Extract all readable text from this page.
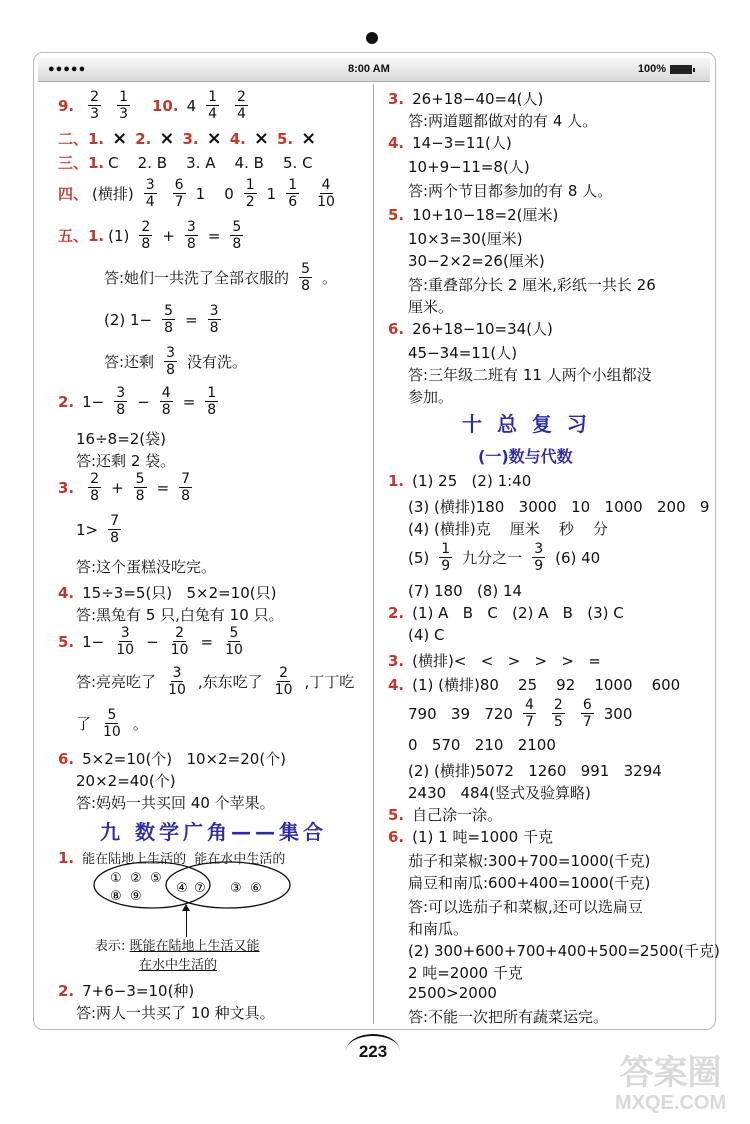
●●●●●	8:00 AM	100%
9. $\frac{2}{3} \frac{1}{3} 10$. $4 \frac{1}{4} \frac{2}{4}$
二、1. × 2. × 3. × 4. × 5. ×
三、1. C    2. B    3. A    4. B    5. C
四、 (横排) $\frac{3}{4} \frac{6}{7} 1$    $0 \frac{1}{2} 1 \frac{1}{6} \frac{4}{10}$
五、1. $(1) \frac{2}{8} + \frac{3}{8} = \frac{5}{8}$
答:她们一共洗了全部衣服的 $\frac{5}{8}$ 。
(2) $1- \frac{5}{8} = \frac{3}{8}$
答:还剩 $\frac{3}{8}$ 没有洗。
2. $1- \frac{3}{8} - \frac{4}{8} = \frac{1}{8}$
16÷8=2(袋)
答:还剩 2 袋。
3. $\frac{2}{8} + \frac{5}{8} = \frac{7}{8}$
$1> \frac{7}{8}$
答:这个蛋糕没吃完。
4. 15÷3=5(只)   5×2=10(只)
答:黑兔有 5 只,白兔有 10 只。
5. $1- \frac{3}{10} - \frac{2}{10} = \frac{5}{10}$
答:亮亮吃了 $\frac{3}{10}$ ,东东吃了 $\frac{2}{10}$ ,丁丁吃
了 $\frac{5}{10}$ 。
6. 5×2=10(个)   10×2=20(个)
20×2=40(个)
答:妈妈一共买回 40 个苹果。
九 数学广角——集合
1. 能在陆地上生活的  能在水中生活的
① ② ⑤
⑧ ⑨
④ ⑦ ③ ⑥
表示: 既能在陆地上生活又能
在水中生活的
2. 7+6−3=10(种)
答:两人一共买了 10 种文具。
3. 26+18−40=4(人)
答:两道题都做对的有 4 人。
4. 14−3=11(人)
10+9−11=8(人)
答:两个节目都参加的有 8 人。
5. 10+10−18=2(厘米)
10×3=30(厘米)
30−2×2=26(厘米)
答:重叠部分长 2 厘米,彩纸一共长 26
厘米。
6. 26+18−10=34(人)
45−34=11(人)
答:三年级二班有 11 人两个小组都没
参加。
十 总 复 习
(一)数与代数
1. (1) 25   (2) 1:40
(3) (横排)180   3000   10   1000   200   9
(4) (横排)克    厘米    秒    分
$(5) \frac{1}{9}$ 九分之一 $\frac{3}{9} (6)$ 40
(7) 180   (8) 14
2. (1) A   B   C   (2) A   B   (3) C
(4) C
3. (横排)<   <   >   >   >   =
4. (1) (横排)80    25    92    1000    600
790   39   $720 \frac{4}{7} \frac{2}{5} \frac{6}{7} 300$
0   570   210   2100
(2) (横排)5072   1260   991   3294
2430   484(竖式及验算略)
5. 自己涂一涂。
6. (1) 1 吨=1000 千克
茄子和菜椒:300+700=1000(千克)
扁豆和南瓜:600+400=1000(千克)
答:可以选茄子和菜椒,还可以选扁豆
和南瓜。
(2) 300+600+700+400+500=2500(千克)
2 吨=2000 千克
2500>2000
答:不能一次把所有蔬菜运完。
223
答案圈
MXQE.COM
